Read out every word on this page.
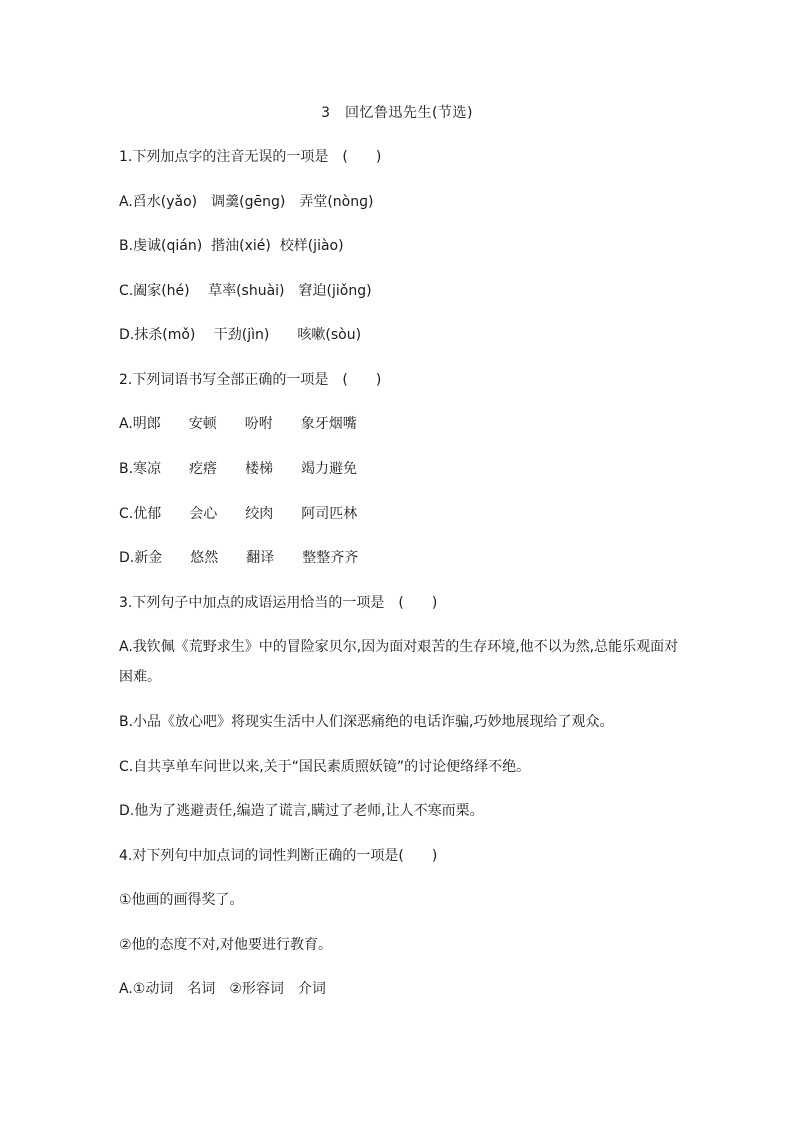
3　回忆鲁迅先生(节选)
1.下列加点字的注音无误的一项是　(　　)
A.舀水(yǎo)　调羹(gēng)　弄堂(nònɡ)
B.虔诚(qián)  揩油(xié)  校样(jiào)
C.阖家(hé)　 草率(shuài)　窘迫(jiǒng)
D.抹杀(mǒ)　 干劲(jìn)　　咳嗽(sòu)
2.下列词语书写全部正确的一项是　(　　)
A.明郎　　安顿　　吩咐　　象牙烟嘴
B.寒凉　　疙瘩　　楼梯　　竭力避免
C.优郁　　会心　　绞肉　　阿司匹林
D.新金　　悠然　　翻译　　整整齐齐
3.下列句子中加点的成语运用恰当的一项是　(　　)
A.我钦佩《荒野求生》中的冒险家贝尔,因为面对艰苦的生存环境,他不以为然,总能乐观面对困难。
B.小品《放心吧》将现实生活中人们深恶痛绝的电话诈骗,巧妙地展现给了观众。
C.自共享单车问世以来,关于“国民素质照妖镜”的讨论便络绎不绝。
D.他为了逃避责任,编造了谎言,瞒过了老师,让人不寒而栗。
4.对下列句中加点词的词性判断正确的一项是(　　)
①他画的画得奖了。
②他的态度不对,对他要进行教育。
A.①动词　名词　②形容词　介词
